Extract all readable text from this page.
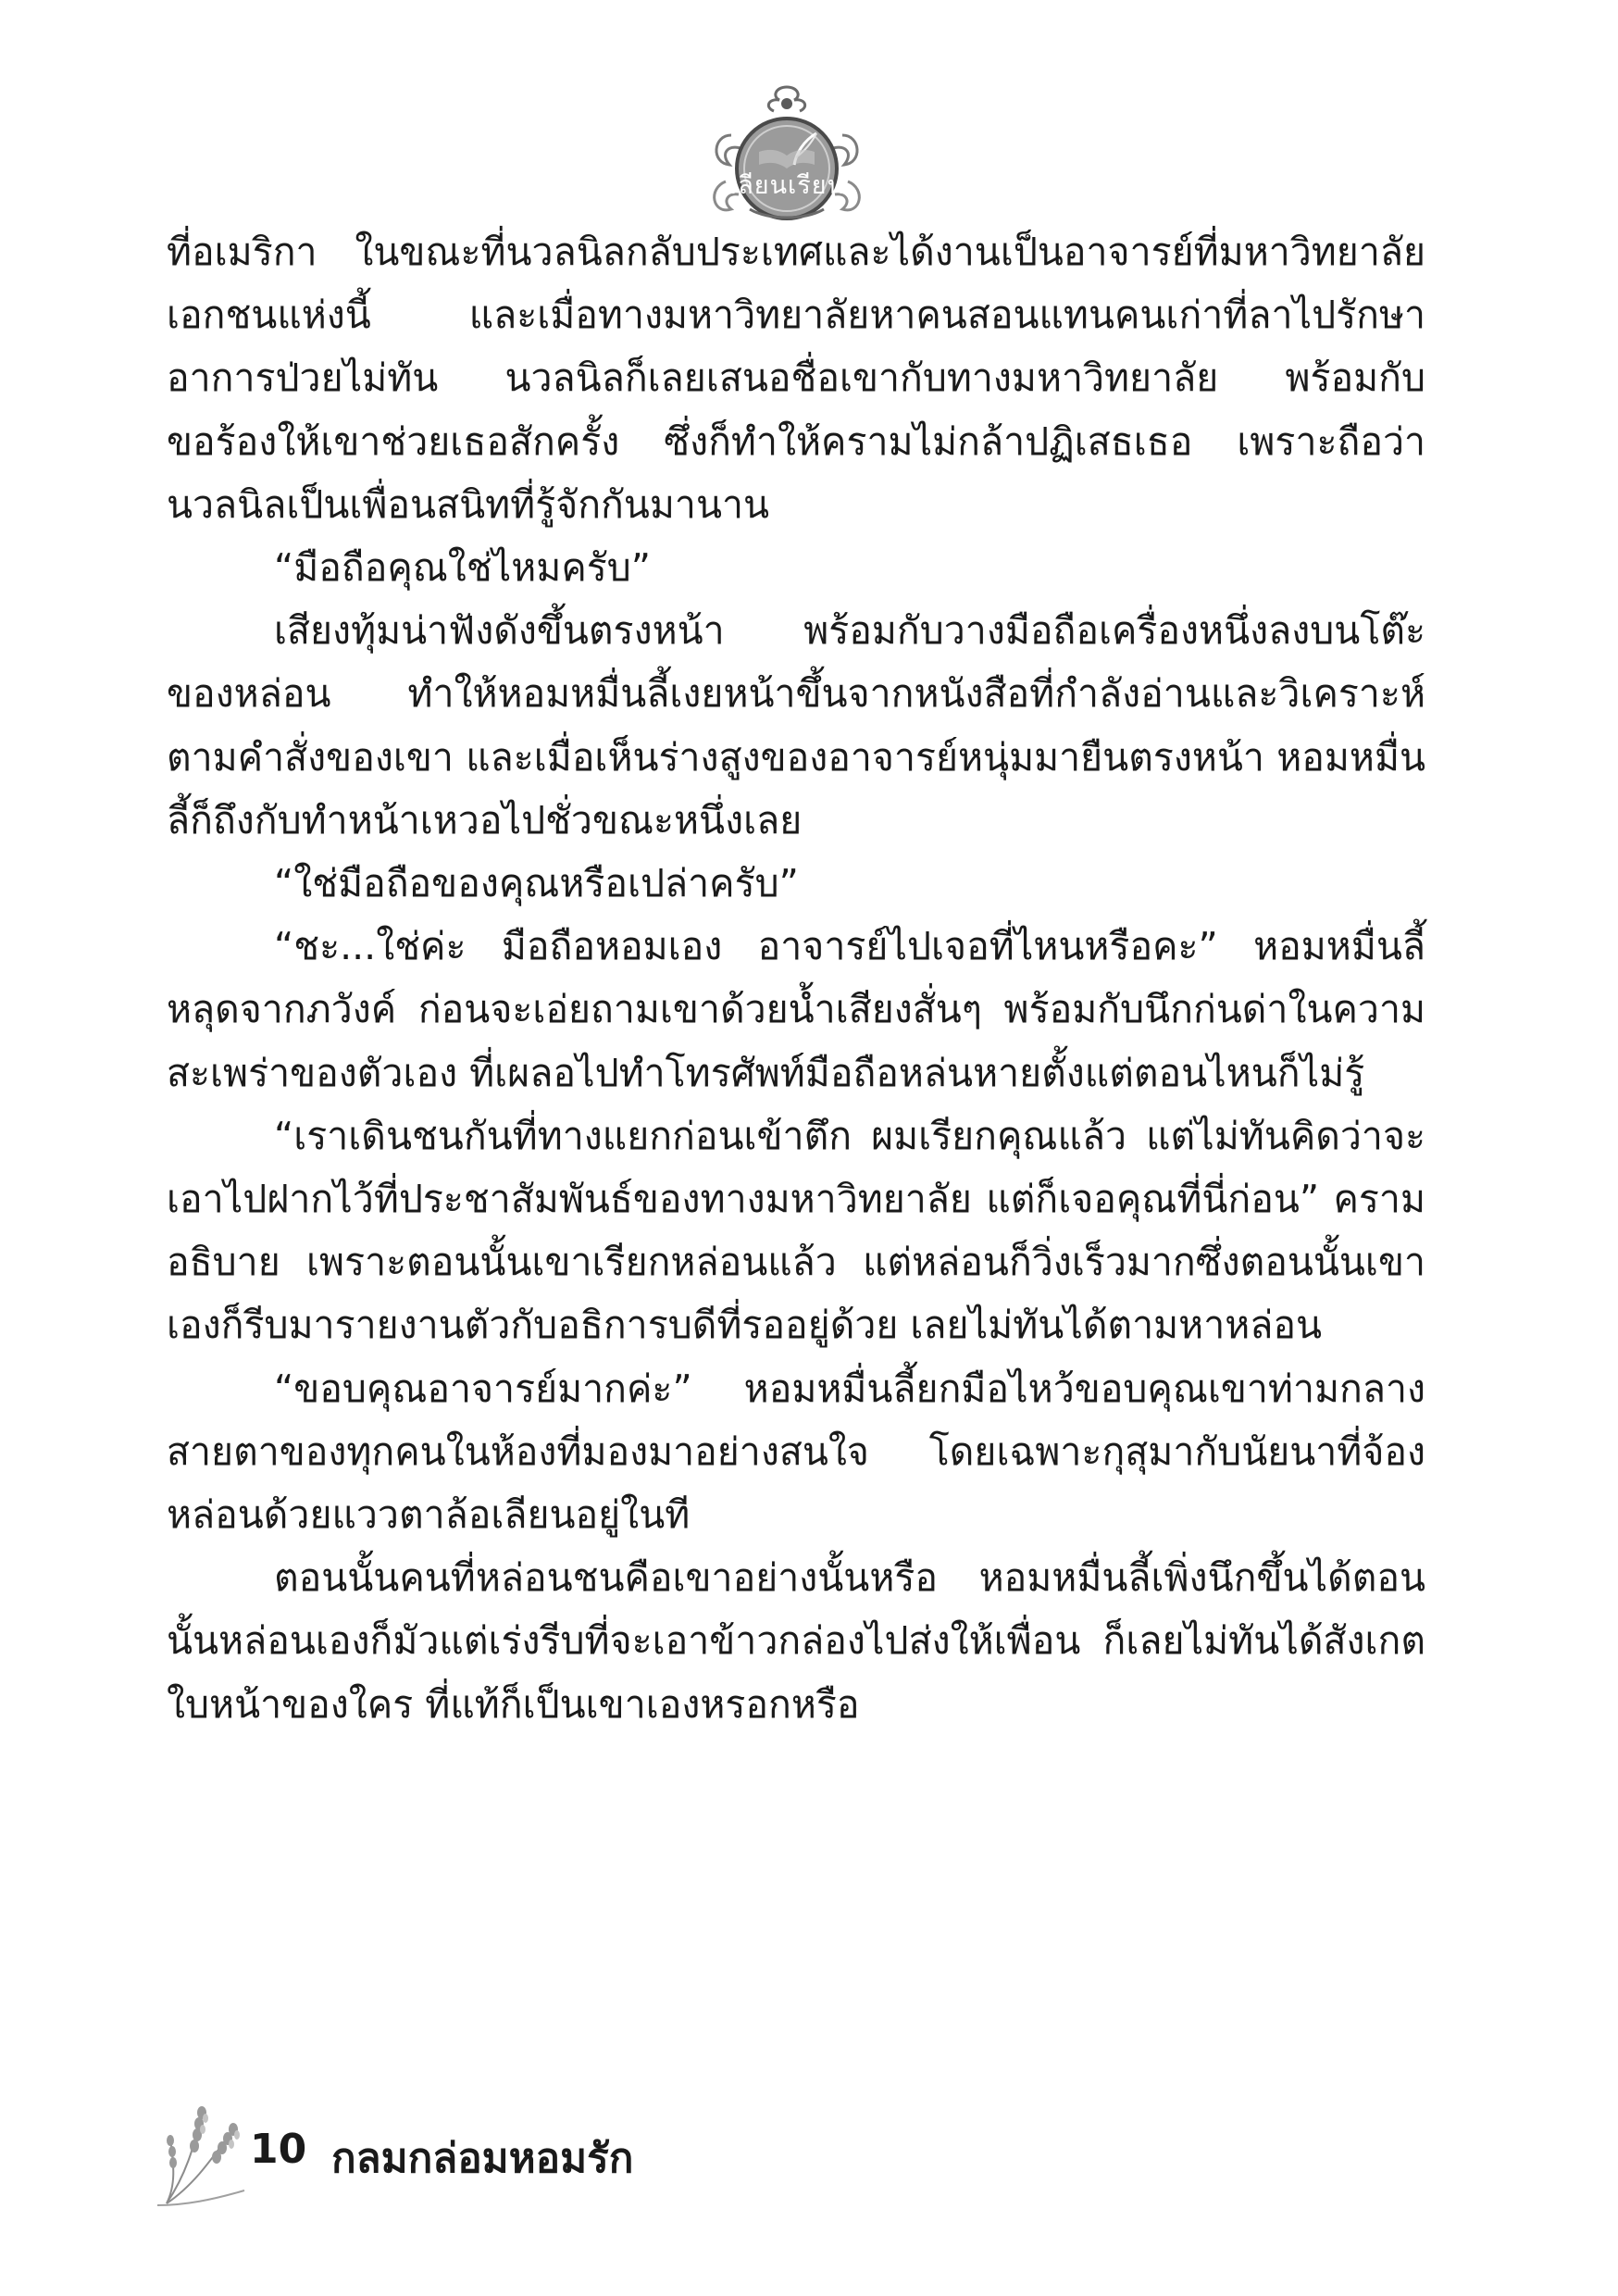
เลียนเรียน

ที่อเมริกา ในขณะที่นวลนิลกลับประเทศและได้งานเป็นอาจารย์ที่มหาวิทยาลัยเอกชนแห่งนี้ และเมื่อทางมหาวิทยาลัยหาคนสอนแทนคนเก่าที่ลาไปรักษาอาการป่วยไม่ทัน นวลนิลก็เลยเสนอชื่อเขากับทางมหาวิทยาลัย พร้อมกับขอร้องให้เขาช่วยเธอสักครั้ง ซึ่งก็ทำให้ครามไม่กล้าปฏิเสธเธอ เพราะถือว่านวลนิลเป็นเพื่อนสนิทที่รู้จักกันมานาน

“มือถือคุณใช่ไหมครับ”

เสียงทุ้มน่าฟังดังขึ้นตรงหน้า พร้อมกับวางมือถือเครื่องหนึ่งลงบนโต๊ะของหล่อน ทำให้หอมหมื่นลี้เงยหน้าขึ้นจากหนังสือที่กำลังอ่านและวิเคราะห์ตามคำสั่งของเขา และเมื่อเห็นร่างสูงของอาจารย์หนุ่มมายืนตรงหน้า หอมหมื่นลี้ก็ถึงกับทำหน้าเหวอไปชั่วขณะหนึ่งเลย

“ใช่มือถือของคุณหรือเปล่าครับ”

“ชะ...ใช่ค่ะ มือถือหอมเอง อาจารย์ไปเจอที่ไหนหรือคะ” หอมหมื่นลี้หลุดจากภวังค์ ก่อนจะเอ่ยถามเขาด้วยน้ำเสียงสั่นๆ พร้อมกับนึกก่นด่าในความสะเพร่าของตัวเอง ที่เผลอไปทำโทรศัพท์มือถือหล่นหายตั้งแต่ตอนไหนก็ไม่รู้

“เราเดินชนกันที่ทางแยกก่อนเข้าตึก ผมเรียกคุณแล้ว แต่ไม่ทันคิดว่าจะเอาไปฝากไว้ที่ประชาสัมพันธ์ของทางมหาวิทยาลัย แต่ก็เจอคุณที่นี่ก่อน” ครามอธิบาย เพราะตอนนั้นเขาเรียกหล่อนแล้ว แต่หล่อนก็วิ่งเร็วมากซึ่งตอนนั้นเขาเองก็รีบมารายงานตัวกับอธิการบดีที่รออยู่ด้วย เลยไม่ทันได้ตามหาหล่อน

“ขอบคุณอาจารย์มากค่ะ” หอมหมื่นลี้ยกมือไหว้ขอบคุณเขาท่ามกลางสายตาของทุกคนในห้องที่มองมาอย่างสนใจ โดยเฉพาะกุสุมากับนัยนาที่จ้องหล่อนด้วยแววตาล้อเลียนอยู่ในที

ตอนนั้นคนที่หล่อนชนคือเขาอย่างนั้นหรือ หอมหมื่นลี้เพิ่งนึกขึ้นได้ตอนนั้นหล่อนเองก็มัวแต่เร่งรีบที่จะเอาข้าวกล่องไปส่งให้เพื่อน ก็เลยไม่ทันได้สังเกตใบหน้าของใคร ที่แท้ก็เป็นเขาเองหรอกหรือ

10 กลมกล่อมหอมรัก
